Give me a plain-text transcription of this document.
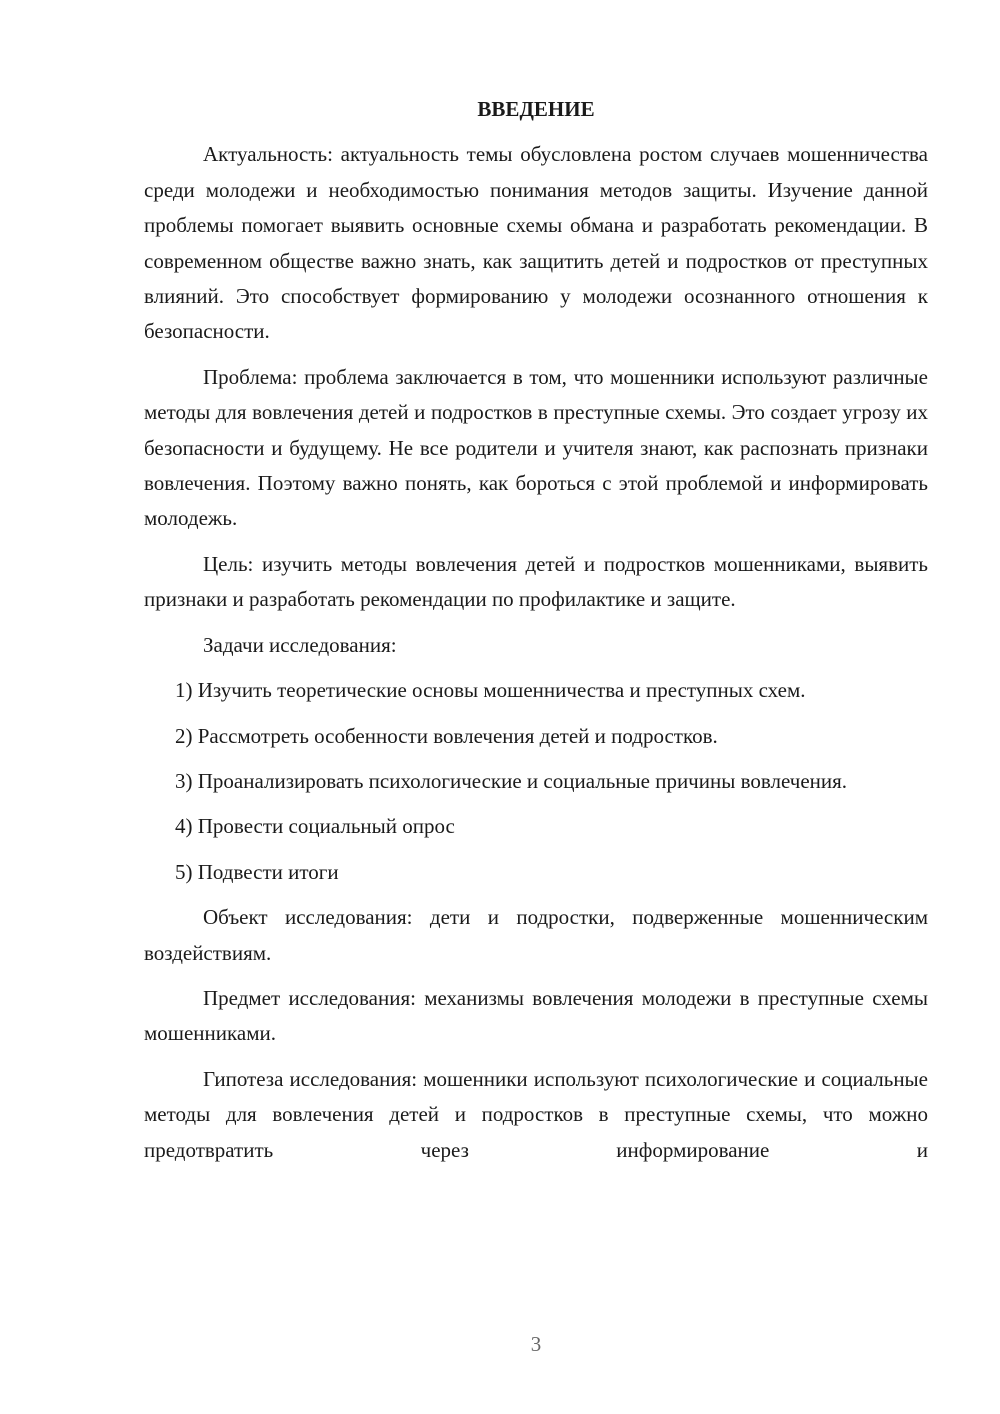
ВВЕДЕНИЕ

Актуальность: актуальность темы обусловлена ростом случаев мошенничества среди молодежи и необходимостью понимания методов защиты. Изучение данной проблемы помогает выявить основные схемы обмана и разработать рекомендации. В современном обществе важно знать, как защитить детей и подростков от преступных влияний. Это способствует формированию у молодежи осознанного отношения к безопасности.

Проблема: проблема заключается в том, что мошенники используют различные методы для вовлечения детей и подростков в преступные схемы. Это создает угрозу их безопасности и будущему. Не все родители и учителя знают, как распознать признаки вовлечения. Поэтому важно понять, как бороться с этой проблемой и информировать молодежь.

Цель: изучить методы вовлечения детей и подростков мошенниками, выявить признаки и разработать рекомендации по профилактике и защите.

Задачи исследования:

1) Изучить теоретические основы мошенничества и преступных схем.

2) Рассмотреть особенности вовлечения детей и подростков.

3) Проанализировать психологические и социальные причины вовлечения.

4) Провести социальный опрос

5) Подвести итоги

Объект исследования: дети и подростки, подверженные мошенническим воздействиям.

Предмет исследования: механизмы вовлечения молодежи в преступные схемы мошенниками.

Гипотеза исследования: мошенники используют психологические и социальные методы для вовлечения детей и подростков в преступные схемы, что можно предотвратить через информирование и

3
